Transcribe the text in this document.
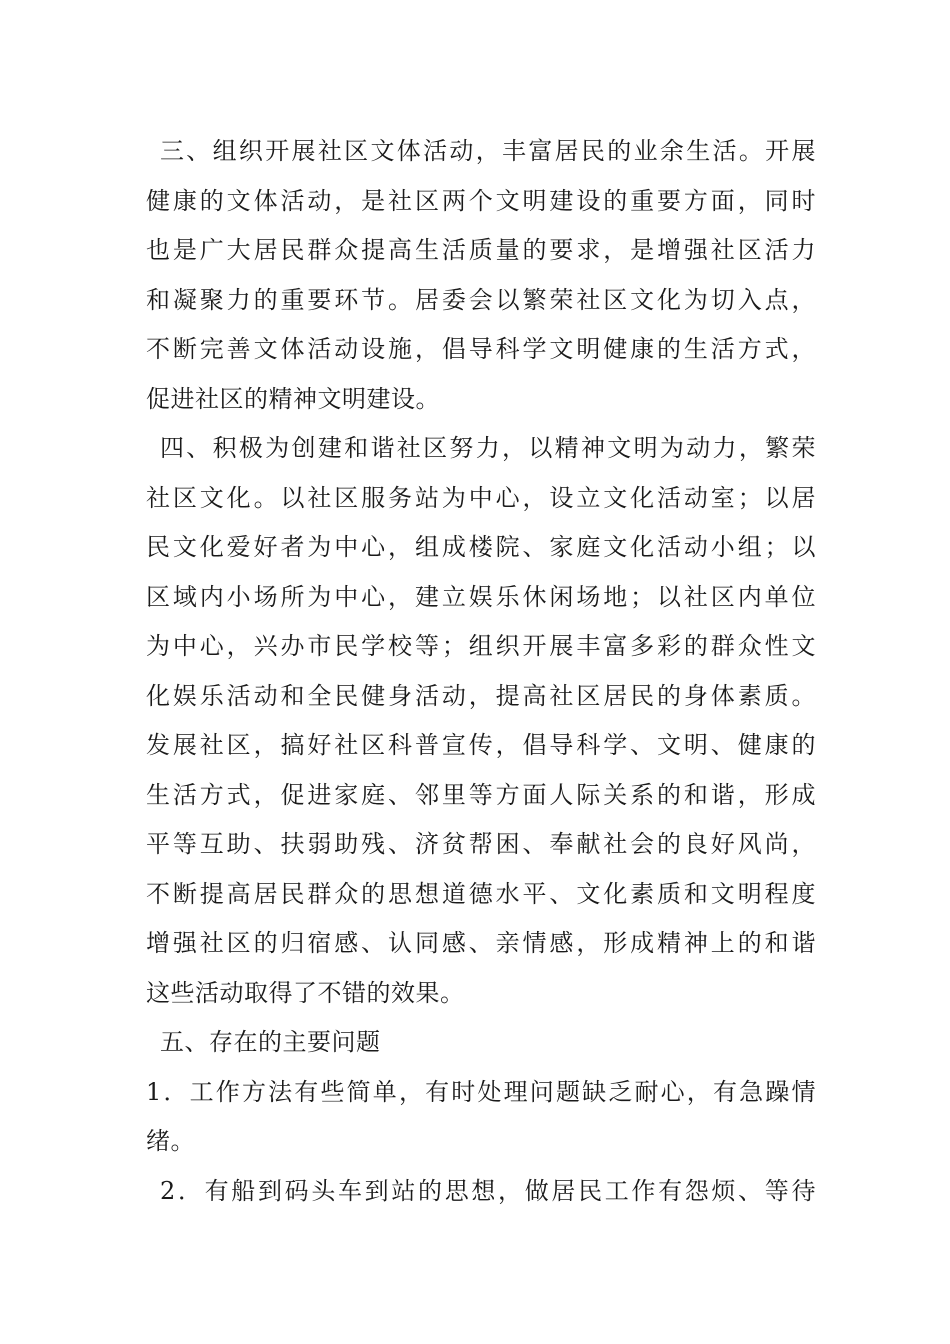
三、组织开展社区文体活动，丰富居民的业余生活。开展
健康的文体活动，是社区两个文明建设的重要方面，同时
也是广大居民群众提高生活质量的要求，是增强社区活力
和凝聚力的重要环节。居委会以繁荣社区文化为切入点，
不断完善文体活动设施，倡导科学文明健康的生活方式，
促进社区的精神文明建设。
四、积极为创建和谐社区努力，以精神文明为动力，繁荣
社区文化。以社区服务站为中心，设立文化活动室；以居
民文化爱好者为中心，组成楼院、家庭文化活动小组；以
区域内小场所为中心，建立娱乐休闲场地；以社区内单位
为中心，兴办市民学校等；组织开展丰富多彩的群众性文
化娱乐活动和全民健身活动，提高社区居民的身体素质。
发展社区，搞好社区科普宣传，倡导科学、文明、健康的
生活方式，促进家庭、邻里等方面人际关系的和谐，形成
平等互助、扶弱助残、济贫帮困、奉献社会的良好风尚，
不断提高居民群众的思想道德水平、文化素质和文明程度
增强社区的归宿感、认同感、亲情感，形成精神上的和谐
这些活动取得了不错的效果。
五、存在的主要问题
1．工作方法有些简单，有时处理问题缺乏耐心，有急躁情
绪。
2．有船到码头车到站的思想，做居民工作有怨烦、等待
